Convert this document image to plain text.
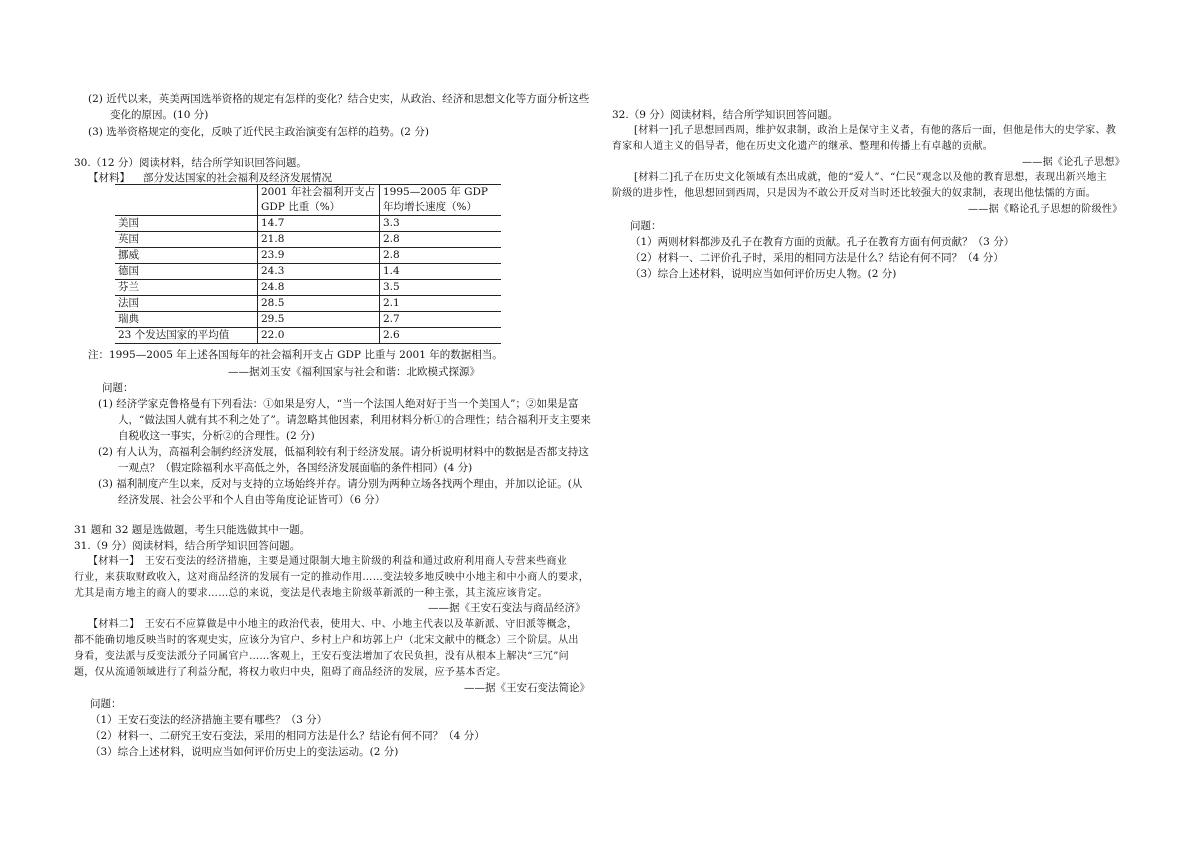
(2) 近代以来，英美两国选举资格的规定有怎样的变化？结合史实，从政治、经济和思想文化等方面分析这些

变化的原因。(10 分)

(3) 选举资格规定的变化，反映了近代民主政治演变有怎样的趋势。(2 分)

30.（12 分）阅读材料，结合所学知识回答问题。

【材料】 部分发达国家的社会福利及经济发展情况

	2001 年社会福利开支占 GDP 比重（%）	1995—2005 年 GDP 年均增长速度（%）
美国	14.7	3.3
英国	21.8	2.8
挪威	23.9	2.8
德国	24.3	1.4
芬兰	24.8	3.5
法国	28.5	2.1
瑞典	29.5	2.7
23 个发达国家的平均值	22.0	2.6

注：1995—2005 年上述各国每年的社会福利开支占 GDP 比重与 2001 年的数据相当。

——据刘玉安《福利国家与社会和谐：北欧模式探源》

问题：

(1) 经济学家克鲁格曼有下列看法：①如果是穷人，“当一个法国人绝对好于当一个美国人”；②如果是富

人，“做法国人就有其不利之处了”。请忽略其他因素，利用材料分析①的合理性；结合福利开支主要来

自税收这一事实，分析②的合理性。(2 分)

(2) 有人认为，高福利会制约经济发展，低福利较有利于经济发展。请分析说明材料中的数据是否都支持这

一观点？（假定除福利水平高低之外，各国经济发展面临的条件相同）(4 分)

(3) 福利制度产生以来，反对与支持的立场始终并存。请分别为两种立场各找两个理由，并加以论证。(从

经济发展、社会公平和个人自由等角度论证皆可）（6 分）

31 题和 32 题是选做题，考生只能选做其中一题。

31.（9 分）阅读材料，结合所学知识回答问题。

【材料一】　王安石变法的经济措施，主要是通过限制大地主阶级的利益和通过政府利用商人专营来些商业

行业，来获取财政收入，这对商品经济的发展有一定的推动作用……变法较多地反映中小地主和中小商人的要求，

尤其是南方地主的商人的要求……总的来说，变法是代表地主阶级革新派的一种主张，其主流应该肯定。

——据《王安石变法与商品经济》

【材料二】　王安石不应算做是中小地主的政治代表，使用大、中、小地主代表以及革新派、守旧派等概念，

都不能确切地反映当时的客观史实，应该分为官户、乡村上户和坊郭上户（北宋文献中的概念）三个阶层。从出

身看，变法派与反变法派分子同属官户……客观上，王安石变法增加了农民负担，没有从根本上解决“三冗”问

题，仅从流通领域进行了利益分配，将权力收归中央，阻碍了商品经济的发展，应予基本否定。

——据《王安石变法简论》

问题：

（1）王安石变法的经济措施主要有哪些？（3 分）

（2）材料一、二研究王安石变法，采用的相同方法是什么？结论有何不同？（4 分）

（3）综合上述材料，说明应当如何评价历史上的变法运动。(2 分)

32.（9 分）阅读材料，结合所学知识回答问题。

[材料一]孔子思想回西周，维护奴隶制，政治上是保守主义者，有他的落后一面，但他是伟大的史学家、教

育家和人道主义的倡导者，他在历史文化遗产的继承、整理和传播上有卓越的贡献。

——据《论孔子思想》

[材料二]孔子在历史文化领域有杰出成就，他的“爱人”、“仁民”观念以及他的教育思想，表现出新兴地主

阶级的进步性，他思想回到西周，只是因为不敢公开反对当时还比较强大的奴隶制，表现出他怯懦的方面。

——据《略论孔子思想的阶级性》

问题：

（1）两则材料都涉及孔子在教育方面的贡献。孔子在教育方面有何贡献？（3 分）

（2）材料一、二评价孔子时，采用的相同方法是什么？结论有何不同？（4 分）

（3）综合上述材料，说明应当如何评价历史人物。(2 分)
